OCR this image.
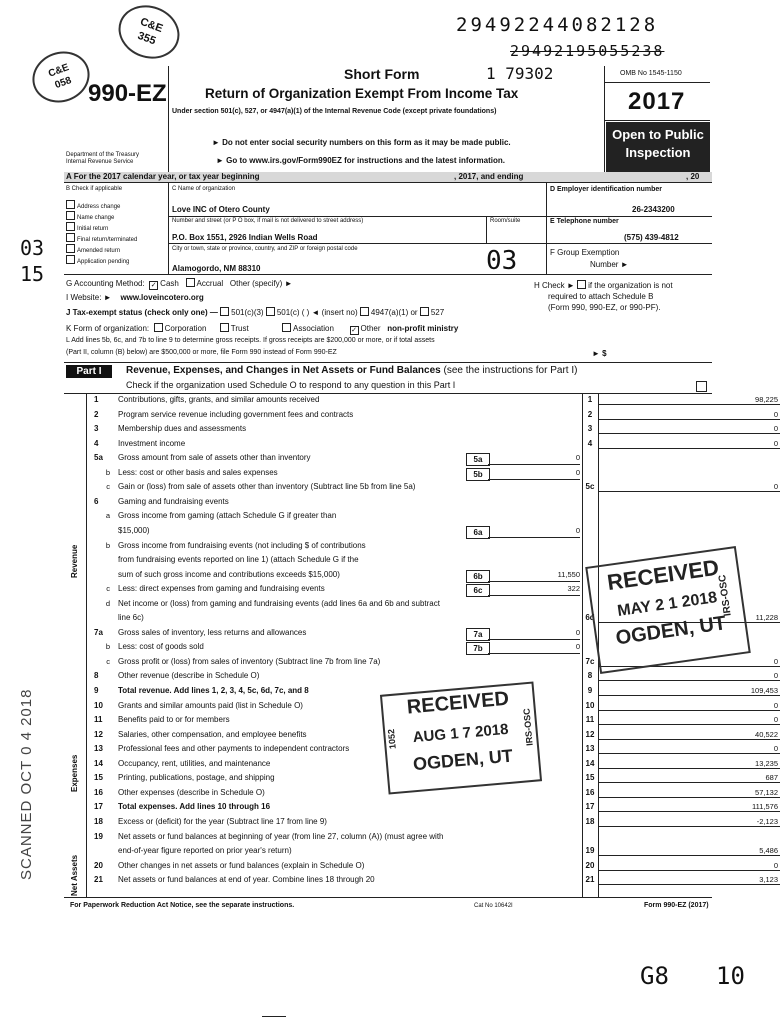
29492244082128
29492195055238
C&E
355
C&E
058 990-EZ
Department of the Treasury
Internal Revenue Service
Short Form	1 79302
Return of Organization Exempt From Income Tax
Under section 501(c), 527, or 4947(a)(1) of the Internal Revenue Code (except private foundations)
► Do not enter social security numbers on this form as it may be made public.
► Go to www.irs.gov/Form990EZ for instructions and the latest information.
OMB No 1545-1150
2017
Open to Public
Inspection
A For the 2017 calendar year, or tax year beginning	, 2017, and ending	, 20
B Check if applicable
Address change
Name change
Initial return
Final return/terminated
Amended return
Application pending
C Name of organization
Love INC of Otero County
Number and street (or P O box, if mail is not delivered to street address)	Room/suite
P.O. Box 1551, 2926 Indian Wells Road
City or town, state or province, country, and ZIP or foreign postal code
Alamogordo, NM 88310	03
D Employer identification number
26-2343200
E Telephone number
(575) 439-4812
F Group Exemption
Number ►
G Accounting Method: ✓ Cash Accrual Other (specify) ►	H Check ► if the organization is not
required to attach Schedule B
(Form 990, 990-EZ, or 990-PF).
I Website: ► www.loveincotero.org
J Tax-exempt status (check only one) — 501(c)(3) 501(c) ( ) ◄ (insert no) 4947(a)(1) or 527
K Form of organization: Corporation	Trust	Association ✓ Other non-profit ministry
L Add lines 5b, 6c, and 7b to line 9 to determine gross receipts. If gross receipts are $200,000 or more, or if total assets
(Part II, column (B) below) are $500,000 or more, file Form 990 instead of Form 990-EZ	► $
Part I	Revenue, Expenses, and Changes in Net Assets or Fund Balances (see the instructions for Part I)
Check if the organization used Schedule O to respond to any question in this Part I
1	Contributions, gifts, grants, and similar amounts received	1	98,225
2	Program service revenue including government fees and contracts	2	0
3	Membership dues and assessments	3	0
4	Investment income	4	0
5a	Gross amount from sale of assets other than inventory	5a	0
b Less: cost or other basis and sales expenses	5b	0
c Gain or (loss) from sale of assets other than inventory (Subtract line 5b from line 5a)	5c	0
6	Gaming and fundraising events
a Gross income from gaming (attach Schedule G if greater than
$15,000)	6a	0
b Gross income from fundraising events (not including $ of contributions
from fundraising events reported on line 1) (attach Schedule G if the
sum of such gross income and contributions exceeds $15,000)	6b	11,550
c Less: direct expenses from gaming and fundraising events	6c	322
d Net income or (loss) from gaming and fundraising events (add lines 6a and 6b and subtract
line 6c)	6d	11,228
7a	Gross sales of inventory, less returns and allowances	7a	0
b Less: cost of goods sold	7b	0
c Gross profit or (loss) from sales of inventory (Subtract line 7b from line 7a)	7c	0
8	Other revenue (describe in Schedule O)	8	0
9	Total revenue. Add lines 1, 2, 3, 4, 5c, 6d, 7c, and 8	9	109,453
10	Grants and similar amounts paid (list in Schedule O)	10	0
11	Benefits paid to or for members	11	0
12	Salaries, other compensation, and employee benefits	12	40,522
13	Professional fees and other payments to independent contractors	13	0
14	Occupancy, rent, utilities, and maintenance	14	13,235
15	Printing, publications, postage, and shipping	15	687
16	Other expenses (describe in Schedule O)	16	57,132
17	Total expenses. Add lines 10 through 16	17	111,576
18	Excess or (deficit) for the year (Subtract line 17 from line 9)	18	-2,123
19	Net assets or fund balances at beginning of year (from line 27, column (A)) (must agree with
end-of-year figure reported on prior year's return)	19	5,486
20	Other changes in net assets or fund balances (explain in Schedule O)	20	0
21	Net assets or fund balances at end of year. Combine lines 18 through 20	21	3,123
Revenue
Expenses
Net Assets
For Paperwork Reduction Act Notice, see the separate instructions.	Cat No 10642I	Form 990-EZ (2017)
RECEIVED
MAY 2 1 2018
OGDEN, UT
IRS-OSC
RECEIVED
AUG 1 7 2018
OGDEN, UT
1052	IRS-OSC
SCANNED OCT 0 4 2018
03
15
G8 10
